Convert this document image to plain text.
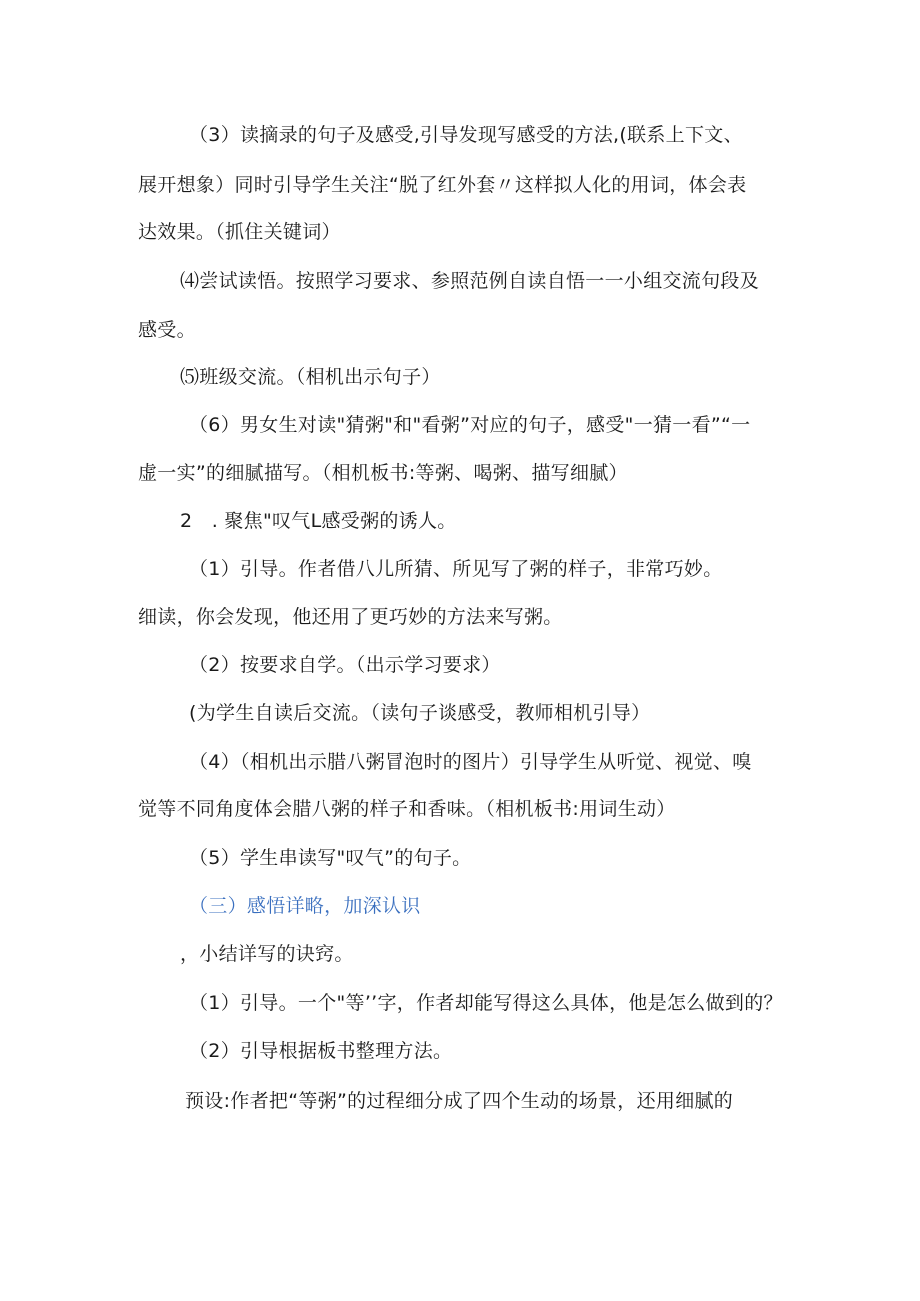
（3）读摘录的句子及感受,引导发现写感受的方法,(联系上下文、
展开想象）同时引导学生关注“脱了红外套〃这样拟人化的用词，体会表
达效果。（抓住关键词）
⑷尝试读悟。按照学习要求、参照范例自读自悟一一小组交流句段及
感受。
⑸班级交流。（相机出示句子）
（6）男女生对读"猜粥"和"看粥”对应的句子，感受"一猜一看”“一
虚一实”的细腻描写。（相机板书:等粥、喝粥、描写细腻）
2　. 聚焦"叹气L感受粥的诱人。
（1）引导。作者借八儿所猜、所见写了粥的样子，非常巧妙。
细读，你会发现，他还用了更巧妙的方法来写粥。
（2）按要求自学。（出示学习要求）
(为学生自读后交流。（读句子谈感受，教师相机引导）
（4）（相机出示腊八粥冒泡时的图片）引导学生从听觉、视觉、嗅
觉等不同角度体会腊八粥的样子和香味。（相机板书:用词生动）
（5）学生串读写"叹气”的句子。
（三）感悟详略，加深认识
，小结详写的诀窍。
（1）引导。一个"等’’字，作者却能写得这么具体，他是怎么做到的？
（2）引导根据板书整理方法。
预设:作者把“等粥”的过程细分成了四个生动的场景，还用细腻的
